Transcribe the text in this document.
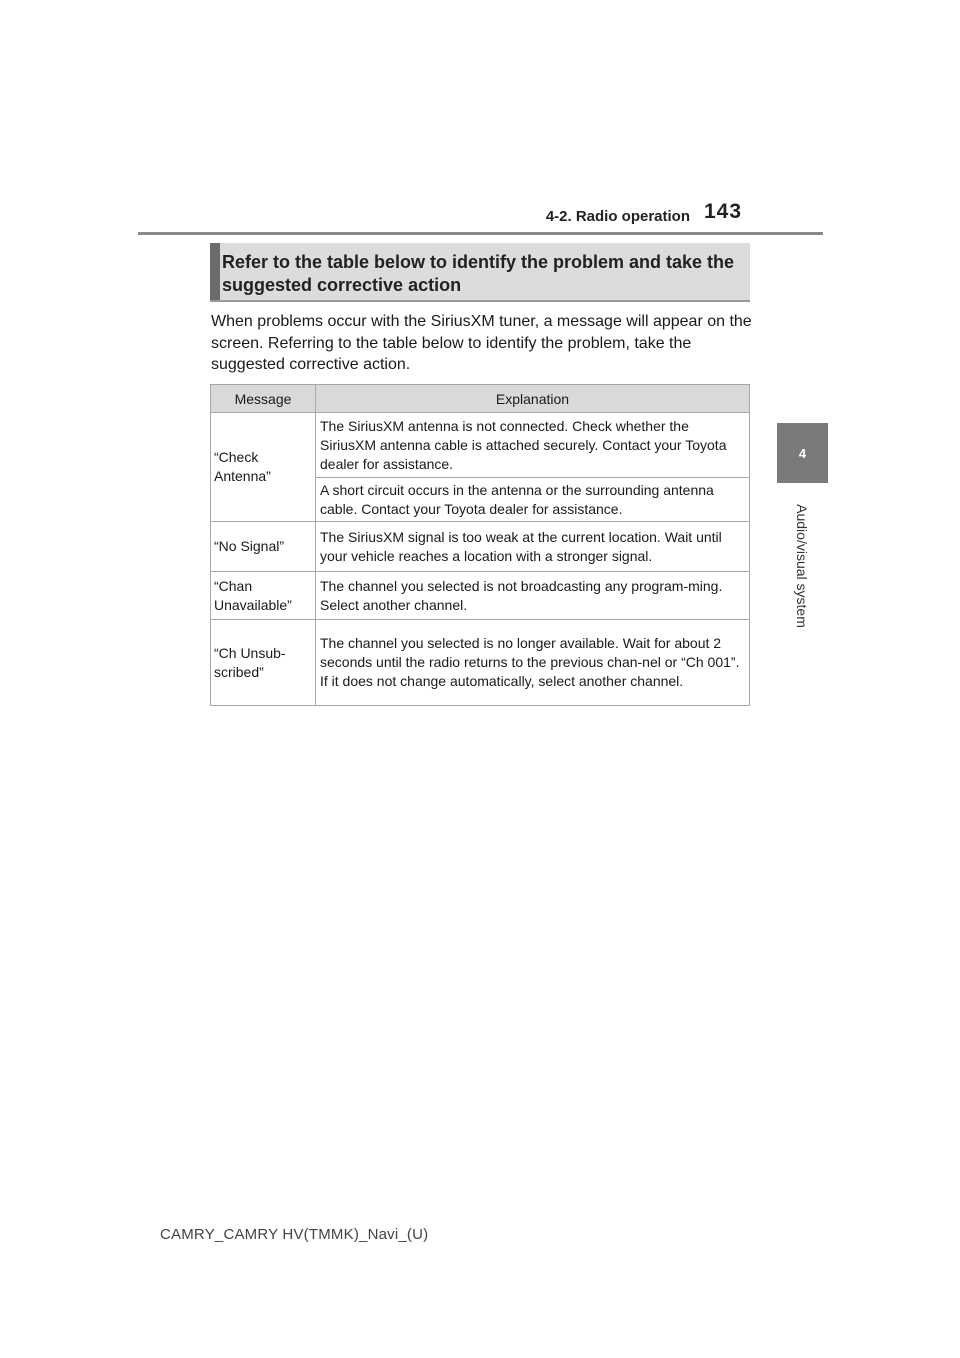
4-2. Radio operation 143
4
Audio/visual system
Refer to the table below to identify the problem and take the suggested corrective action
When problems occur with the SiriusXM tuner, a message will appear on the screen. Referring to the table below to identify the problem, take the suggested corrective action.
Message	Explanation
“Check Antenna”	The SiriusXM antenna is not connected. Check whether the SiriusXM antenna cable is attached securely. Contact your Toyota dealer for assistance.
	A short circuit occurs in the antenna or the surrounding antenna cable. Contact your Toyota dealer for assistance.
“No Signal”	The SiriusXM signal is too weak at the current location. Wait until your vehicle reaches a location with a stronger signal.
“Chan Unavailable”	The channel you selected is not broadcasting any program-ming. Select another channel.
“Ch Unsub-scribed”	The channel you selected is no longer available. Wait for about 2 seconds until the radio returns to the previous chan-nel or “Ch 001”. If it does not change automatically, select another channel.
CAMRY_CAMRY HV(TMMK)_Navi_(U)
